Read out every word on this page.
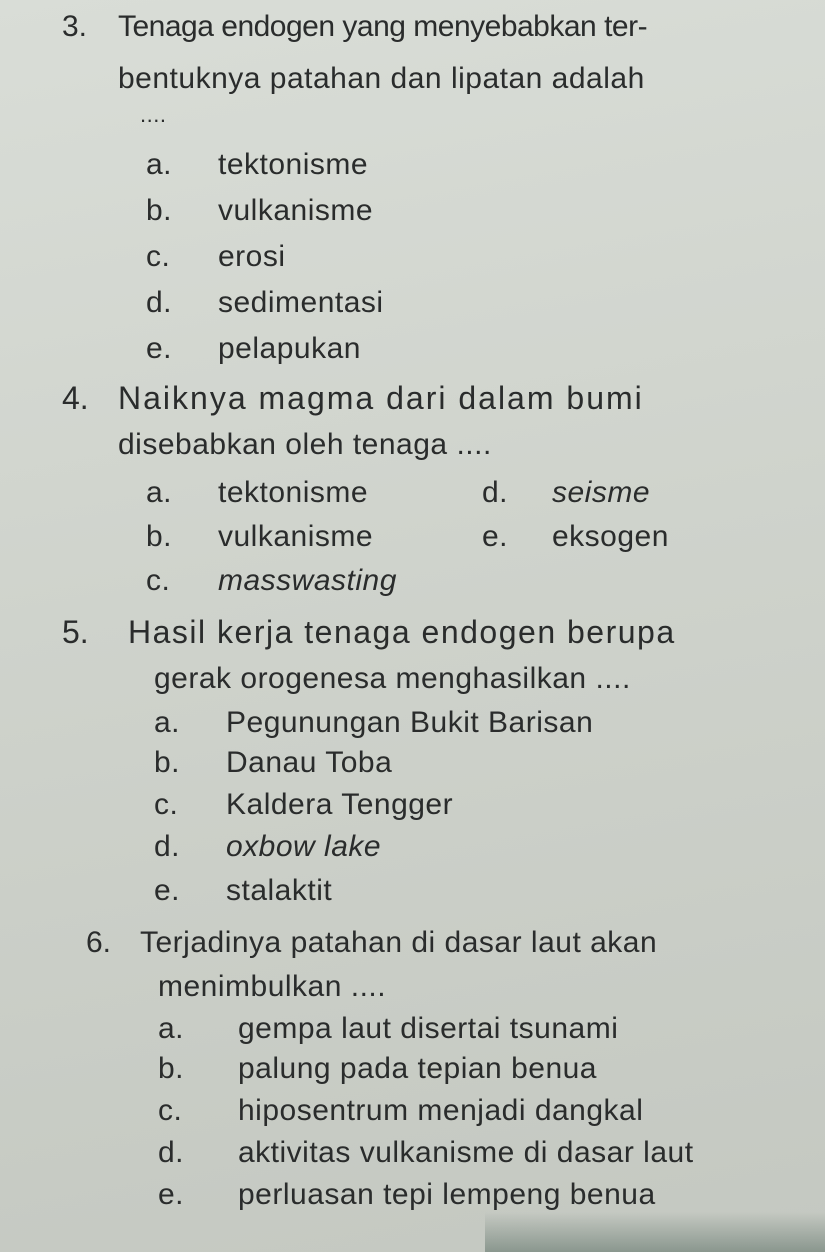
3. Tenaga endogen yang menyebabkan ter-
bentuknya patahan dan lipatan adalah
....
a. tektonisme
b. vulkanisme
c. erosi
d. sedimentasi
e. pelapukan
4. Naiknya magma dari dalam bumi
disebabkan oleh tenaga ....
a. tektonisme	d. seisme
b. vulkanisme	e. eksogen
c. masswasting
5. Hasil kerja tenaga endogen berupa
gerak orogenesa menghasilkan ....
a. Pegunungan Bukit Barisan
b. Danau Toba
c. Kaldera Tengger
d. oxbow lake
e. stalaktit
6. Terjadinya patahan di dasar laut akan
menimbulkan ....
a. gempa laut disertai tsunami
b. palung pada tepian benua
c. hiposentrum menjadi dangkal
d. aktivitas vulkanisme di dasar laut
e. perluasan tepi lempeng benua
